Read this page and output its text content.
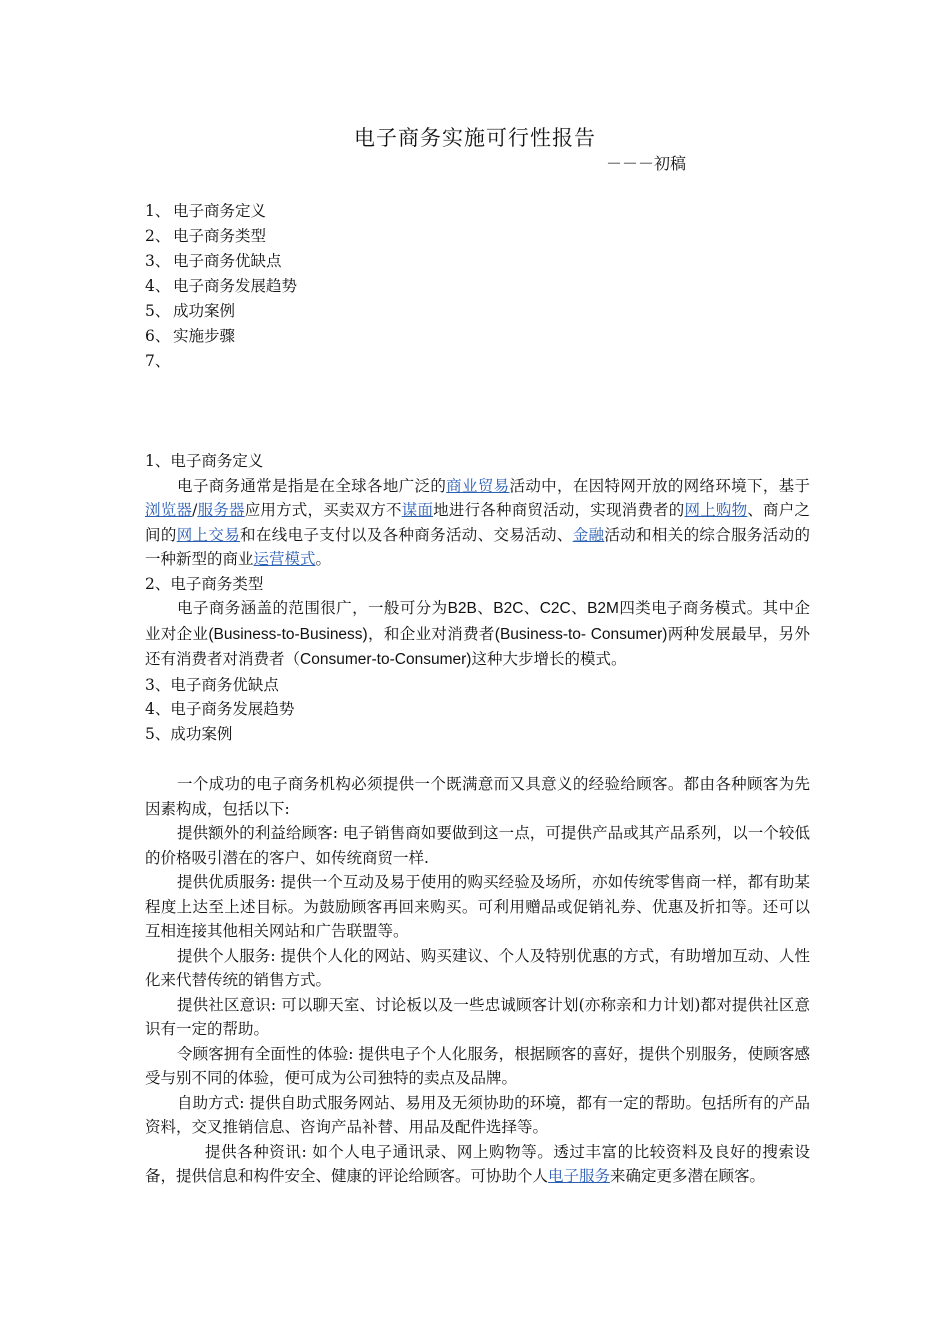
电子商务实施可行性报告
－－－初稿
1、 电子商务定义
2、 电子商务类型
3、 电子商务优缺点
4、 电子商务发展趋势
5、 成功案例
6、 实施步骤
7、

1、电子商务定义

电子商务通常是指是在全球各地广泛的商业贸易活动中，在因特网开放的网络环境下，基于浏览器/服务器应用方式，买卖双方不谋面地进行各种商贸活动，实现消费者的网上购物、商户之间的网上交易和在线电子支付以及各种商务活动、交易活动、金融活动和相关的综合服务活动的一种新型的商业运营模式。

2、电子商务类型

电子商务涵盖的范围很广，一般可分为B2B、B2C、C2C、B2M四类电子商务模式。其中企业对企业(Business-to-Business)，和企业对消费者(Business-to- Consumer)两种发展最早，另外还有消费者对消费者（Consumer-to-Consumer)这种大步增长的模式。

3、电子商务优缺点

4、电子商务发展趋势

5、成功案例

一个成功的电子商务机构必须提供一个既满意而又具意义的经验给顾客。都由各种顾客为先因素构成，包括以下:

提供额外的利益给顾客: 电子销售商如要做到这一点，可提供产品或其产品系列，以一个较低的价格吸引潜在的客户、如传统商贸一样.

提供优质服务: 提供一个互动及易于使用的购买经验及场所，亦如传统零售商一样，都有助某程度上达至上述目标。为鼓励顾客再回来购买。可利用赠品或促销礼券、优惠及折扣等。还可以互相连接其他相关网站和广告联盟等。

提供个人服务: 提供个人化的网站、购买建议、个人及特别优惠的方式，有助增加互动、人性化来代替传统的销售方式。

提供社区意识: 可以聊天室、讨论板以及一些忠诚顾客计划(亦称亲和力计划)都对提供社区意识有一定的帮助。

令顾客拥有全面性的体验: 提供电子个人化服务，根据顾客的喜好，提供个别服务，使顾客感受与别不同的体验，便可成为公司独特的卖点及品牌。

自助方式: 提供自助式服务网站、易用及无须协助的环境，都有一定的帮助。包括所有的产品资料，交叉推销信息、咨询产品补替、用品及配件选择等。

提供各种资讯: 如个人电子通讯录、网上购物等。透过丰富的比较资料及良好的搜索设备，提供信息和构件安全、健康的评论给顾客。可协助个人电子服务来确定更多潜在顾客。
